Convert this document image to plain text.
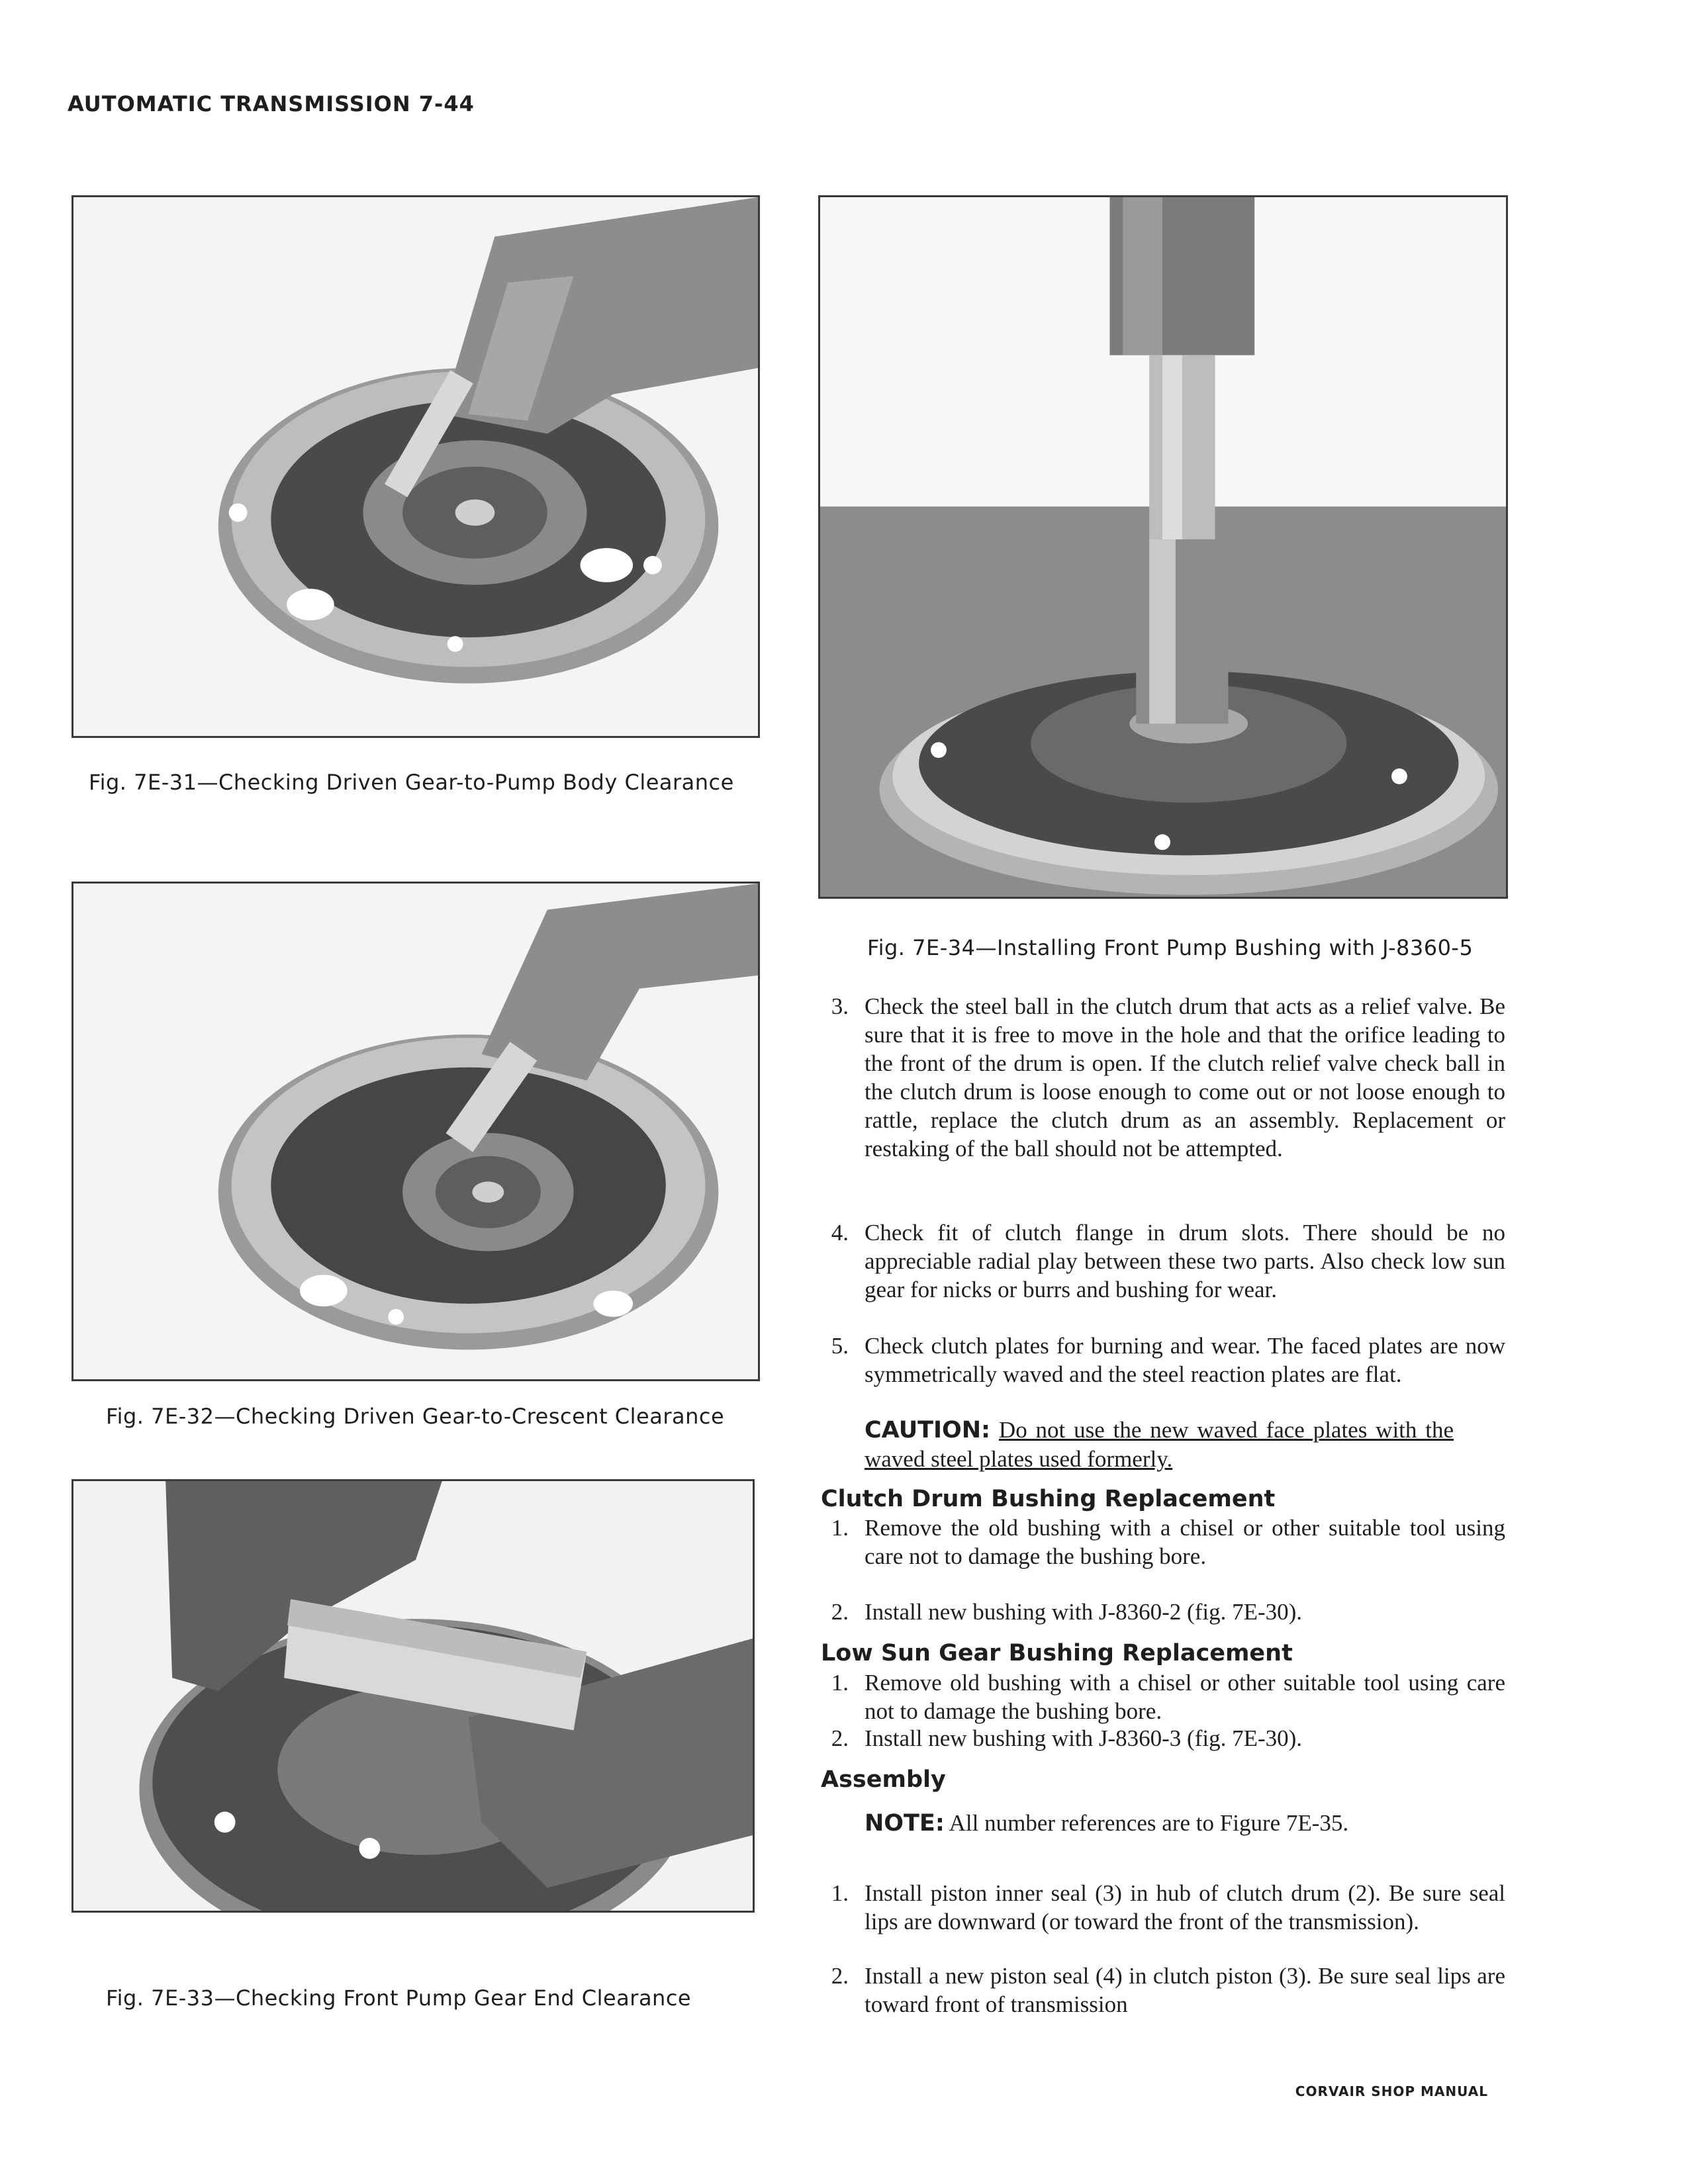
AUTOMATIC TRANSMISSION 7-44
Fig. 7E-31—Checking Driven Gear-to-Pump Body Clearance
Fig. 7E-32—Checking Driven Gear-to-Crescent Clearance
Fig. 7E-33—Checking Front Pump Gear End Clearance
Fig. 7E-34—Installing Front Pump Bushing with J-8360-5
3. Check the steel ball in the clutch drum that acts as a relief valve. Be sure that it is free to move in the hole and that the orifice leading to the front of the drum is open. If the clutch relief valve check ball in the clutch drum is loose enough to come out or not loose enough to rattle, replace the clutch drum as an assembly. Replacement or restaking of the ball should not be attempted.
4. Check fit of clutch flange in drum slots. There should be no appreciable radial play between these two parts. Also check low sun gear for nicks or burrs and bushing for wear.
5. Check clutch plates for burning and wear. The faced plates are now symmetrically waved and the steel reaction plates are flat.
CAUTION: Do not use the new waved face plates with the waved steel plates used formerly.
Clutch Drum Bushing Replacement
1. Remove the old bushing with a chisel or other suitable tool using care not to damage the bushing bore.
2. Install new bushing with J-8360-2 (fig. 7E-30).
Low Sun Gear Bushing Replacement
1. Remove old bushing with a chisel or other suitable tool using care not to damage the bushing bore.
2. Install new bushing with J-8360-3 (fig. 7E-30).
Assembly
NOTE: All number references are to Figure 7E-35.
1. Install piston inner seal (3) in hub of clutch drum (2). Be sure seal lips are downward (or toward the front of the transmission).
2. Install a new piston seal (4) in clutch piston (3). Be sure seal lips are toward front of transmission
CORVAIR SHOP MANUAL
